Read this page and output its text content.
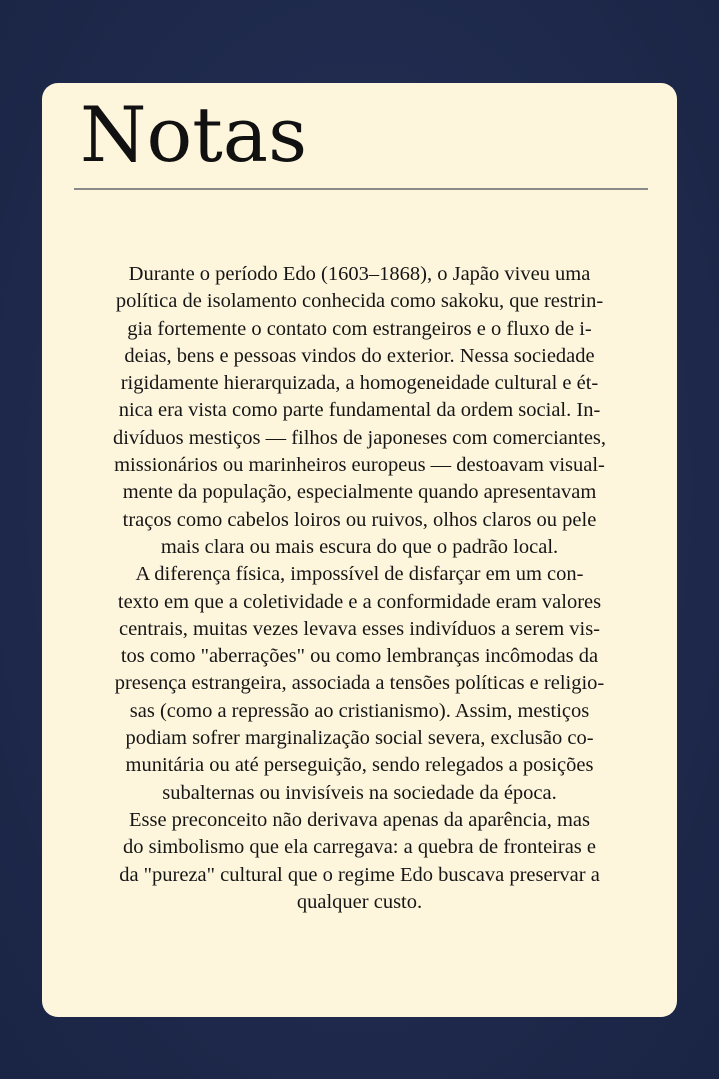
Notas

Durante o período Edo (1603–1868), o Japão viveu uma
política de isolamento conhecida como sakoku, que restrin-
gia fortemente o contato com estrangeiros e o fluxo de i-
deias, bens e pessoas vindos do exterior. Nessa sociedade
rigidamente hierarquizada, a homogeneidade cultural e ét-
nica era vista como parte fundamental da ordem social. In-
divíduos mestiços — filhos de japoneses com comerciantes,
missionários ou marinheiros europeus — destoavam visual-
mente da população, especialmente quando apresentavam
traços como cabelos loiros ou ruivos, olhos claros ou pele
mais clara ou mais escura do que o padrão local.

A diferença física, impossível de disfarçar em um con-
texto em que a coletividade e a conformidade eram valores
centrais, muitas vezes levava esses indivíduos a serem vis-
tos como "aberrações" ou como lembranças incômodas da
presença estrangeira, associada a tensões políticas e religio-
sas (como a repressão ao cristianismo). Assim, mestiços
podiam sofrer marginalização social severa, exclusão co-
munitária ou até perseguição, sendo relegados a posições
subalternas ou invisíveis na sociedade da época.

Esse preconceito não derivava apenas da aparência, mas
do simbolismo que ela carregava: a quebra de fronteiras e
da "pureza" cultural que o regime Edo buscava preservar a
qualquer custo.
